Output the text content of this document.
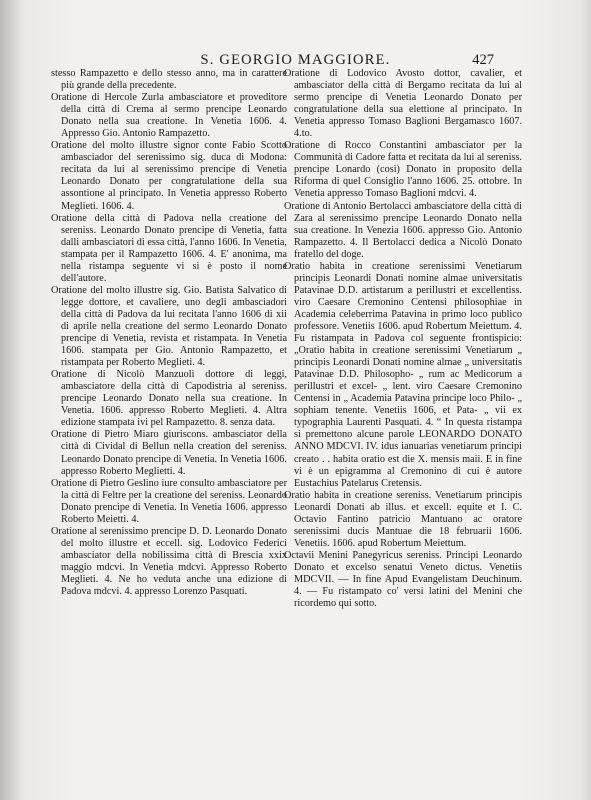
S. GEORGIO MAGGIORE.	427

stesso Rampazetto e dello stesso anno, ma in carattere più grande della precedente.

Oratione di Hercole Zurla ambasciatore et proveditore della città di Crema al sermo prencipe Leonardo Donato nella sua creatione. In Venetia 1606. 4. Appresso Gio. Antonio Rampazetto.

Oratione del molto illustre signor conte Fabio Scotto ambasciador del serenissimo sig. duca di Modona: recitata da lui al serenissimo prencipe di Venetia Leonardo Donato per congratulatione della sua assontione al principato. In Venetia appresso Roberto Meglieti. 1606. 4.

Oratione della città di Padova nella creatione del sereniss. Leonardo Donato prencipe di Venetia, fatta dalli ambasciatori di essa città, l'anno 1606. In Venetia, stampata per il Rampazetto 1606. 4. E' anonima, ma nella ristampa seguente vi si è posto il nome dell'autore.

Oratione del molto illustre sig. Gio. Batista Salvatico di legge dottore, et cavaliere, uno degli ambasciadori della città di Padova da lui recitata l'anno 1606 di xii di aprile nella creatione del sermo Leonardo Donato prencipe di Venetia, revista et ristampata. In Venetia 1606. stampata per Gio. Antonio Rampazetto, et ristampata per Roberto Meglieti. 4.

Oratione di Nicolò Manzuoli dottore di leggi, ambasciatore della città di Capodistria al sereniss. prencipe Leonardo Donato nella sua creatione. In Venetia. 1606. appresso Roberto Meglieti. 4. Altra edizione stampata ivi pel Rampazetto. 8. senza data.

Oratione di Pietro Miaro giuriscons. ambasciator della città di Cividal di Bellun nella creation del sereniss. Leonardo Donato prencipe di Venetia. In Venetia 1606. appresso Roberto Meglietti. 4.

Oratione di Pietro Geslino iure consulto ambasciatore per la città di Feltre per la creatione del sereniss. Leonardo Donato prencipe di Venetia. In Venetia 1606. appresso Roberto Meietti. 4.

Oratione al serenissimo prencipe D. D. Leonardo Donato del molto illustre et eccell. sig. Lodovico Federici ambasciator della nobilissima città di Brescia xxix maggio mdcvi. In Venetia mdcvi. Appresso Roberto Meglieti. 4. Ne ho veduta anche una edizione di Padova mdcvi. 4. appresso Lorenzo Pasquati.

Oratione di Lodovico Avosto dottor, cavalier, et ambasciator della città di Bergamo recitata da lui al sermo prencipe di Venetia Leonardo Donato per congratulatione della sua elettione al principato. In Venetia appresso Tomaso Baglioni Bergamasco 1607. 4.to.

Oratione di Rocco Constantini ambasciator per la Communità di Cadore fatta et recitata da lui al sereniss. prencipe Lonardo (così) Donato in proposito della Riforma di quel Consiglio l'anno 1606. 25. ottobre. In Venetia appresso Tomaso Baglioni mdcvi. 4.

Oratione di Antonio Bertolacci ambasciatore della città di Zara al serenissimo prencipe Leonardo Donato nella sua creatione. In Venezia 1606. appresso Gio. Antonio Rampazetto. 4. Il Bertolacci dedica a Nicolò Donato fratello del doge.

Oratio habita in creatione serenissimi Venetiarum principis Leonardi Donati nomine almae universitatis Patavinae D.D. artistarum a perillustri et excellentiss. viro Caesare Cremonino Centensi philosophiae in Academia celeberrima Patavina in primo loco publico professore. Venetiis 1606. apud Robertum Meiettum. 4. Fu ristampata in Padova col seguente frontispicio: „Oratio habita in creatione serenissimi Venetiarum „ principis Leonardi Donati nomine almae „ universitatis Patavinae D.D. Philosopho- „ rum ac Medicorum a perillustri et excel- „ lent. viro Caesare Cremonino Centensi in „ Academia Patavina principe loco Philo- „ sophiam tenente. Venetiis 1606, et Pata- „ vii ex typographia Laurenti Pasquati. 4. “ In questa ristampa si premettono alcune parole LEONARDO DONATO ANNO MDCVI. IV. idus ianuarias venetiarum principi creato . . habita oratio est die X. mensis maii. E in fine vi è un epigramma al Cremonino di cui è autore Eustachius Patelarus Cretensis.

Oratio habita in creatione sereniss. Venetiarum principis Leonardi Donati ab illus. et excell. equite et I. C. Octavio Fantino patricio Mantuano ac oratore serenissimi ducis Mantuae die 18 februarii 1606. Venetiis. 1606. apud Robertum Meiettum.

Octavii Menini Panegyricus sereniss. Principi Leonardo Donato et excelso senatui Veneto dictus. Venetiis MDCVII. — In fine Apud Evangelistam Deuchinum. 4. — Fu ristampato co' versi latini del Menini che ricordemo qui sotto.
